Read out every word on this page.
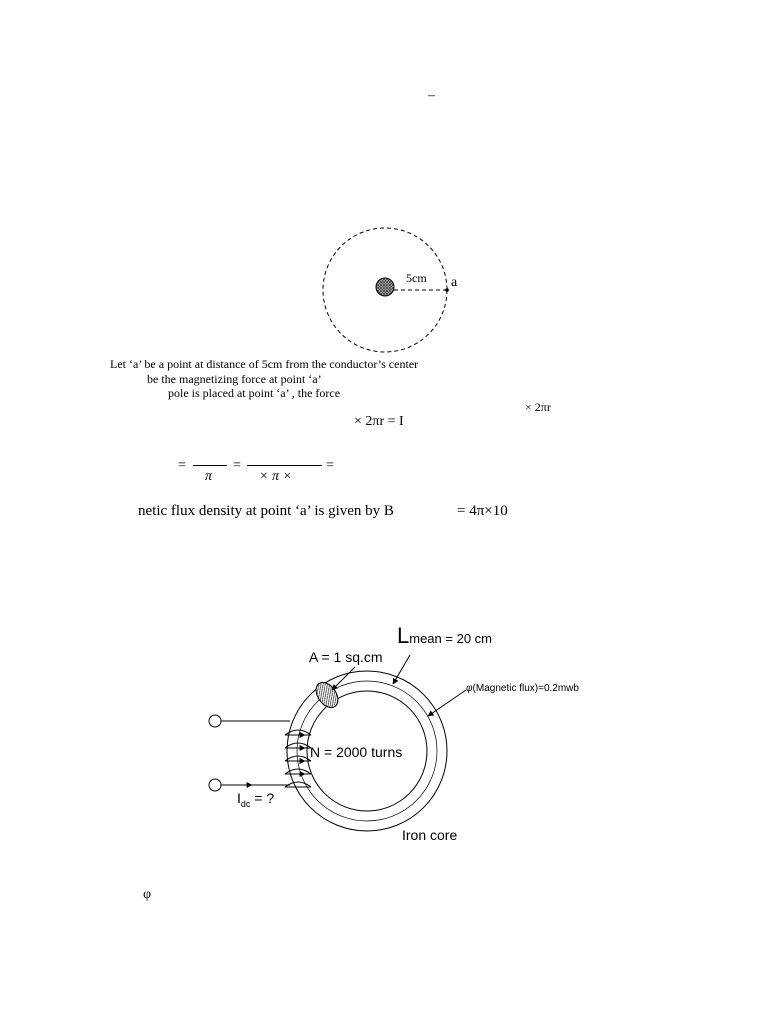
–
5cm a
Let ‘a’ be a point at distance of 5cm from the conductor’s center
be the magnetizing force at point ‘a’
pole is placed at point ‘a’ , the force
× 2πr
× 2πr = I
=
π
=
× π ×
=
netic flux density at point ‘a’ is given by B	= 4π×10
Lmean = 20 cm
A = 1 sq.cm
φ(Magnetic flux)=0.2mwb
N = 2000 turns
$I_{dc}$ = ?
Iron core
φ
